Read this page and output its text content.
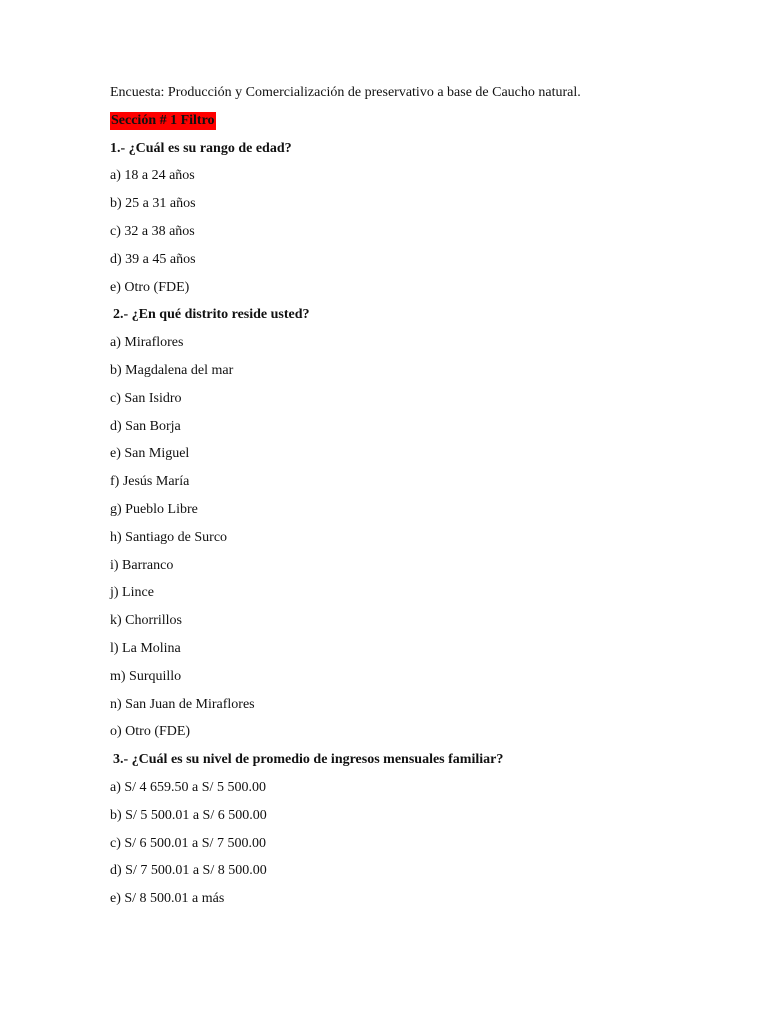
Encuesta: Producción y Comercialización de preservativo a base de Caucho natural.
Sección # 1 Filtro
1.- ¿Cuál es su rango de edad?
a) 18 a 24 años
b) 25 a 31 años
c) 32 a 38 años
d) 39 a 45 años
e) Otro (FDE)
2.- ¿En qué distrito reside usted?
a) Miraflores
b) Magdalena del mar
c) San Isidro
d) San Borja
e) San Miguel
f) Jesús María
g) Pueblo Libre
h) Santiago de Surco
i) Barranco
j) Lince
k) Chorrillos
l) La Molina
m) Surquillo
n) San Juan de Miraflores
o) Otro (FDE)
3.- ¿Cuál es su nivel de promedio de ingresos mensuales familiar?
a) S/ 4 659.50 a S/ 5 500.00
b) S/ 5 500.01 a S/ 6 500.00
c) S/ 6 500.01 a S/ 7 500.00
d) S/ 7 500.01 a S/ 8 500.00
e) S/ 8 500.01 a más
